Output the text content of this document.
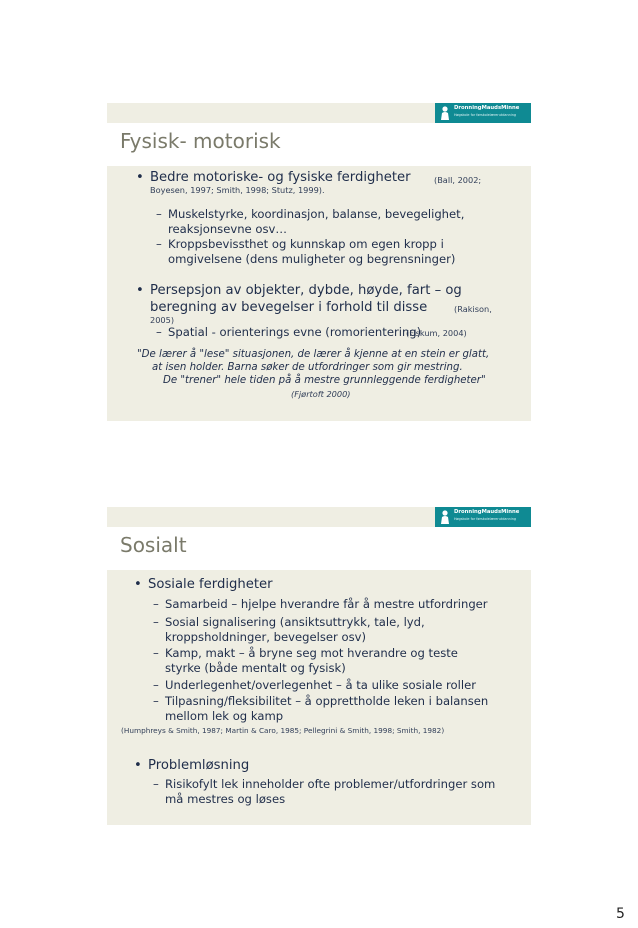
DronningMaudsMinne
Høgskole for førskolelærerutdanning
Fysisk- motorisk
• Bedre motoriske- og fysiske ferdigheter	(Ball, 2002;
Boyesen, 1997; Smith, 1998; Stutz, 1999).
– Muskelstyrke, koordinasjon, balanse, bevegelighet,
reaksjonsevne osv…
– Kroppsbevissthet og kunnskap om egen kropp i
omgivelsene (dens muligheter og begrensninger)
• Persepsjon av objekter, dybde, høyde, fart – og
beregning av bevegelser i forhold til disse	(Rakison,
2005)
– Spatial - orienterings evne (romorientering)
(Fiskum, 2004)
"De lærer å "lese" situasjonen, de lærer å kjenne at en stein er glatt,
at isen holder. Barna søker de utfordringer som gir mestring.
De "trener" hele tiden på å mestre grunnleggende ferdigheter"
(Fjørtoft 2000)
DronningMaudsMinne
Høgskole for førskolelærerutdanning
Sosialt
• Sosiale ferdigheter
– Samarbeid – hjelpe hverandre får å mestre utfordringer
– Sosial signalisering (ansiktsuttrykk, tale, lyd,
kroppsholdninger, bevegelser osv)
– Kamp, makt – å bryne seg mot hverandre og teste
styrke (både mentalt og fysisk)
– Underlegenhet/overlegenhet – å ta ulike sosiale roller
– Tilpasning/fleksibilitet – å opprettholde leken i balansen
mellom lek og kamp
(Humphreys & Smith, 1987; Martin & Caro, 1985; Pellegrini & Smith, 1998; Smith, 1982)
• Problemløsning
– Risikofylt lek inneholder ofte problemer/utfordringer som
må mestres og løses
5
